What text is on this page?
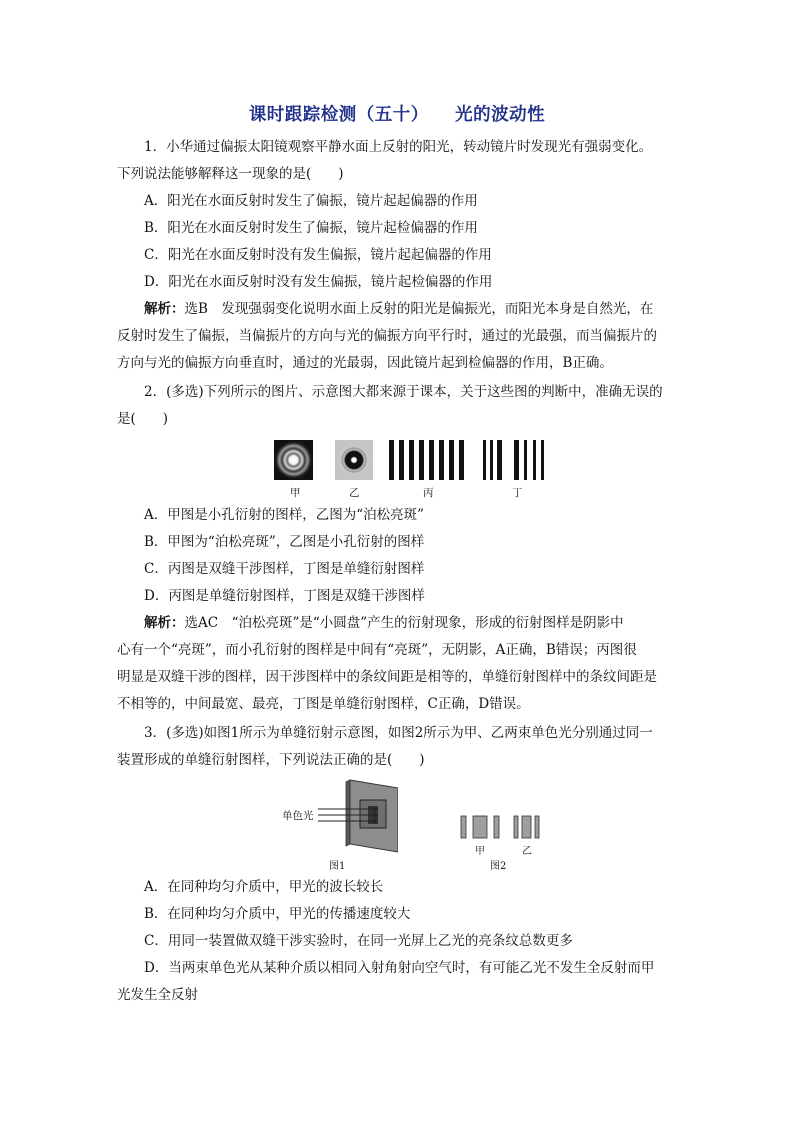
课时跟踪检测（五十）    光的波动性
1．小华通过偏振太阳镜观察平静水面上反射的阳光，转动镜片时发现光有强弱变化。
下列说法能够解释这一现象的是(　　)
A．阳光在水面反射时发生了偏振，镜片起起偏器的作用
B．阳光在水面反射时发生了偏振，镜片起检偏器的作用
C．阳光在水面反射时没有发生偏振，镜片起起偏器的作用
D．阳光在水面反射时没有发生偏振，镜片起检偏器的作用
解析：选B　发现强弱变化说明水面上反射的阳光是偏振光，而阳光本身是自然光，在
反射时发生了偏振，当偏振片的方向与光的偏振方向平行时，通过的光最强，而当偏振片的
方向与光的偏振方向垂直时，通过的光最弱，因此镜片起到检偏器的作用，B正确。
2．(多选)下列所示的图片、示意图大都来源于课本，关于这些图的判断中，准确无误的
是(　　)
甲	乙	丙	丁
A．甲图是小孔衍射的图样，乙图为“泊松亮斑”
B．甲图为“泊松亮斑”，乙图是小孔衍射的图样
C．丙图是双缝干涉图样，丁图是单缝衍射图样
D．丙图是单缝衍射图样，丁图是双缝干涉图样
解析：选AC　“泊松亮斑”是“小圆盘”产生的衍射现象，形成的衍射图样是阴影中
心有一个“亮斑”，而小孔衍射的图样是中间有“亮斑”，无阴影，A正确，B错误；丙图很
明显是双缝干涉的图样，因干涉图样中的条纹间距是相等的，单缝衍射图样中的条纹间距是
不相等的，中间最宽、最亮，丁图是单缝衍射图样，C正确，D错误。
3．(多选)如图1所示为单缝衍射示意图，如图2所示为甲、乙两束单色光分别通过同一
装置形成的单缝衍射图样，下列说法正确的是(　　)
单色光
图1
甲	乙
图2
A．在同种均匀介质中，甲光的波长较长
B．在同种均匀介质中，甲光的传播速度较大
C．用同一装置做双缝干涉实验时，在同一光屏上乙光的亮条纹总数更多
D．当两束单色光从某种介质以相同入射角射向空气时，有可能乙光不发生全反射而甲
光发生全反射
